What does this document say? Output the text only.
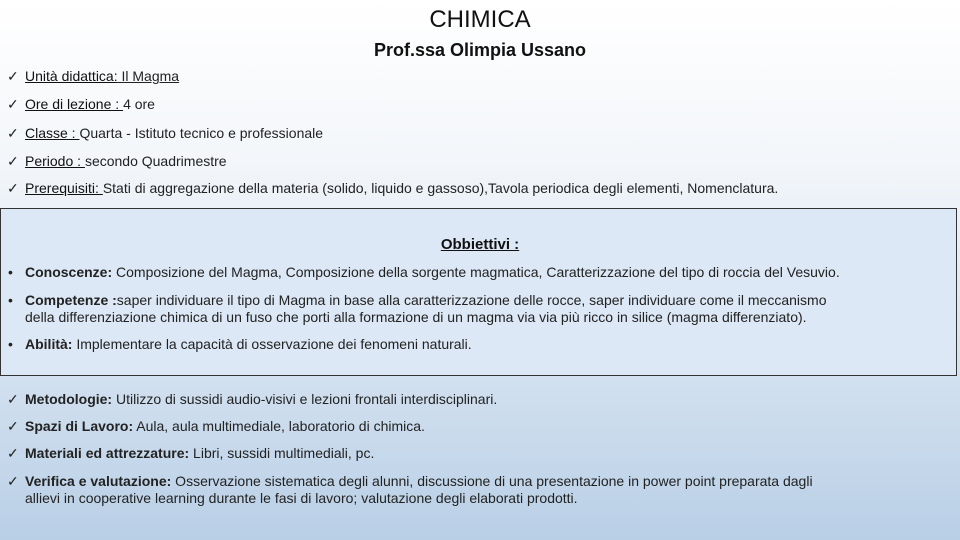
CHIMICA
Prof.ssa Olimpia Ussano
✓ Unità didattica: Il Magma
✓ Ore di lezione : 4 ore
✓ Classe : Quarta - Istituto tecnico e professionale
✓ Periodo : secondo Quadrimestre
✓ Prerequisiti: Stati di aggregazione della materia (solido, liquido e gassoso),Tavola periodica degli elementi, Nomenclatura.
Obbiettivi :
• Conoscenze: Composizione del Magma, Composizione della sorgente magmatica, Caratterizzazione del tipo di roccia del Vesuvio.
• Competenze :saper individuare il tipo di Magma in base alla caratterizzazione delle rocce, saper individuare come il meccanismo
della differenziazione chimica di un fuso che porti alla formazione di un magma via via più ricco in silice (magma differenziato).
• Abilità: Implementare la capacità di osservazione dei fenomeni naturali.
✓ Metodologie: Utilizzo di sussidi audio-visivi e lezioni frontali interdisciplinari.
✓ Spazi di Lavoro: Aula, aula multimediale, laboratorio di chimica.
✓ Materiali ed attrezzature: Libri, sussidi multimediali, pc.
✓ Verifica e valutazione: Osservazione sistematica degli alunni, discussione di una presentazione in power point preparata dagli
allievi in cooperative learning durante le fasi di lavoro; valutazione degli elaborati prodotti.
